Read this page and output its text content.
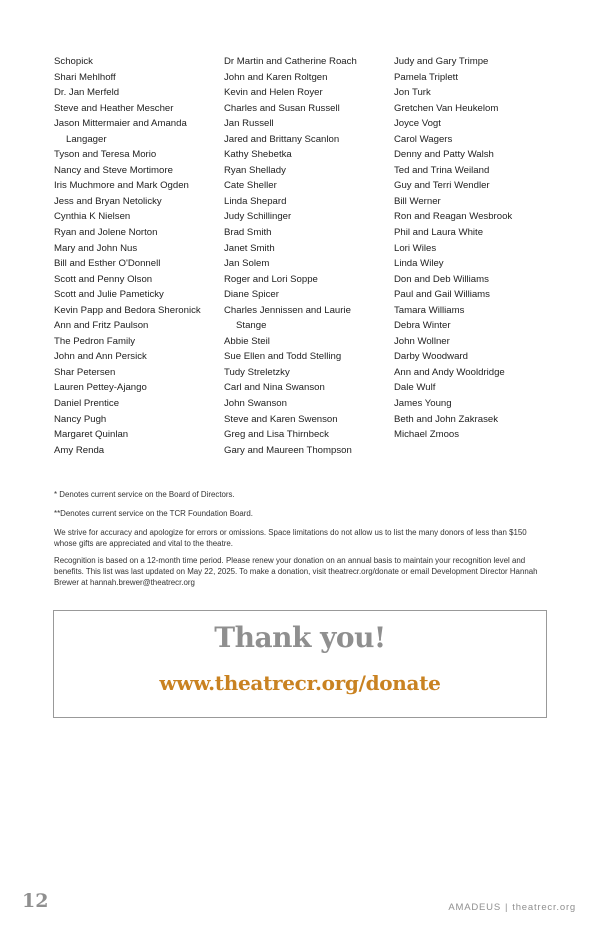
Schopick
Shari Mehlhoff
Dr. Jan Merfeld
Steve and Heather Mescher
Jason Mittermaier and Amanda
Langager
Tyson and Teresa Morio
Nancy and Steve Mortimore
Iris Muchmore and Mark Ogden
Jess and Bryan Netolicky
Cynthia K Nielsen
Ryan and Jolene Norton
Mary and John Nus
Bill and Esther O'Donnell
Scott and Penny Olson
Scott and Julie Pameticky
Kevin Papp and Bedora Sheronick
Ann and Fritz Paulson
The Pedron Family
John and Ann Persick
Shar Petersen
Lauren Pettey-Ajango
Daniel Prentice
Nancy Pugh
Margaret Quinlan
Amy Renda
Dr Martin and Catherine Roach
John and Karen Roltgen
Kevin and Helen Royer
Charles and Susan Russell
Jan Russell
Jared and Brittany Scanlon
Kathy Shebetka
Ryan Shellady
Cate Sheller
Linda Shepard
Judy Schillinger
Brad Smith
Janet Smith
Jan Solem
Roger and Lori Soppe
Diane Spicer
Charles Jennissen and Laurie
Stange
Abbie Steil
Sue Ellen and Todd Stelling
Tudy Streletzky
Carl and Nina Swanson
John Swanson
Steve and Karen Swenson
Greg and Lisa Thirnbeck
Gary and Maureen Thompson
Judy and Gary Trimpe
Pamela Triplett
Jon Turk
Gretchen Van Heukelom
Joyce Vogt
Carol Wagers
Denny and Patty Walsh
Ted and Trina Weiland
Guy and Terri Wendler
Bill Werner
Ron and Reagan Wesbrook
Phil and Laura White
Lori Wiles
Linda Wiley
Don and Deb Williams
Paul and Gail Williams
Tamara Williams
Debra Winter
John Wollner
Darby Woodward
Ann and Andy Wooldridge
Dale Wulf
James Young
Beth and John Zakrasek
Michael Zmoos

* Denotes current service on the Board of Directors.

**Denotes current service on the TCR Foundation Board.

We strive for accuracy and apologize for errors or omissions. Space limitations do not allow us to list the many donors of less than $150 whose gifts are appreciated and vital to the theatre.

Recognition is based on a 12-month time period. Please renew your donation on an annual basis to maintain your recognition level and benefits. This list was last updated on May 22, 2025. To make a donation, visit theatrecr.org/donate or email Development Director Hannah Brewer at hannah.brewer@theatrecr.org

Thank you!
www.theatrecr.org/donate
12	AMADEUS | theatrecr.org
